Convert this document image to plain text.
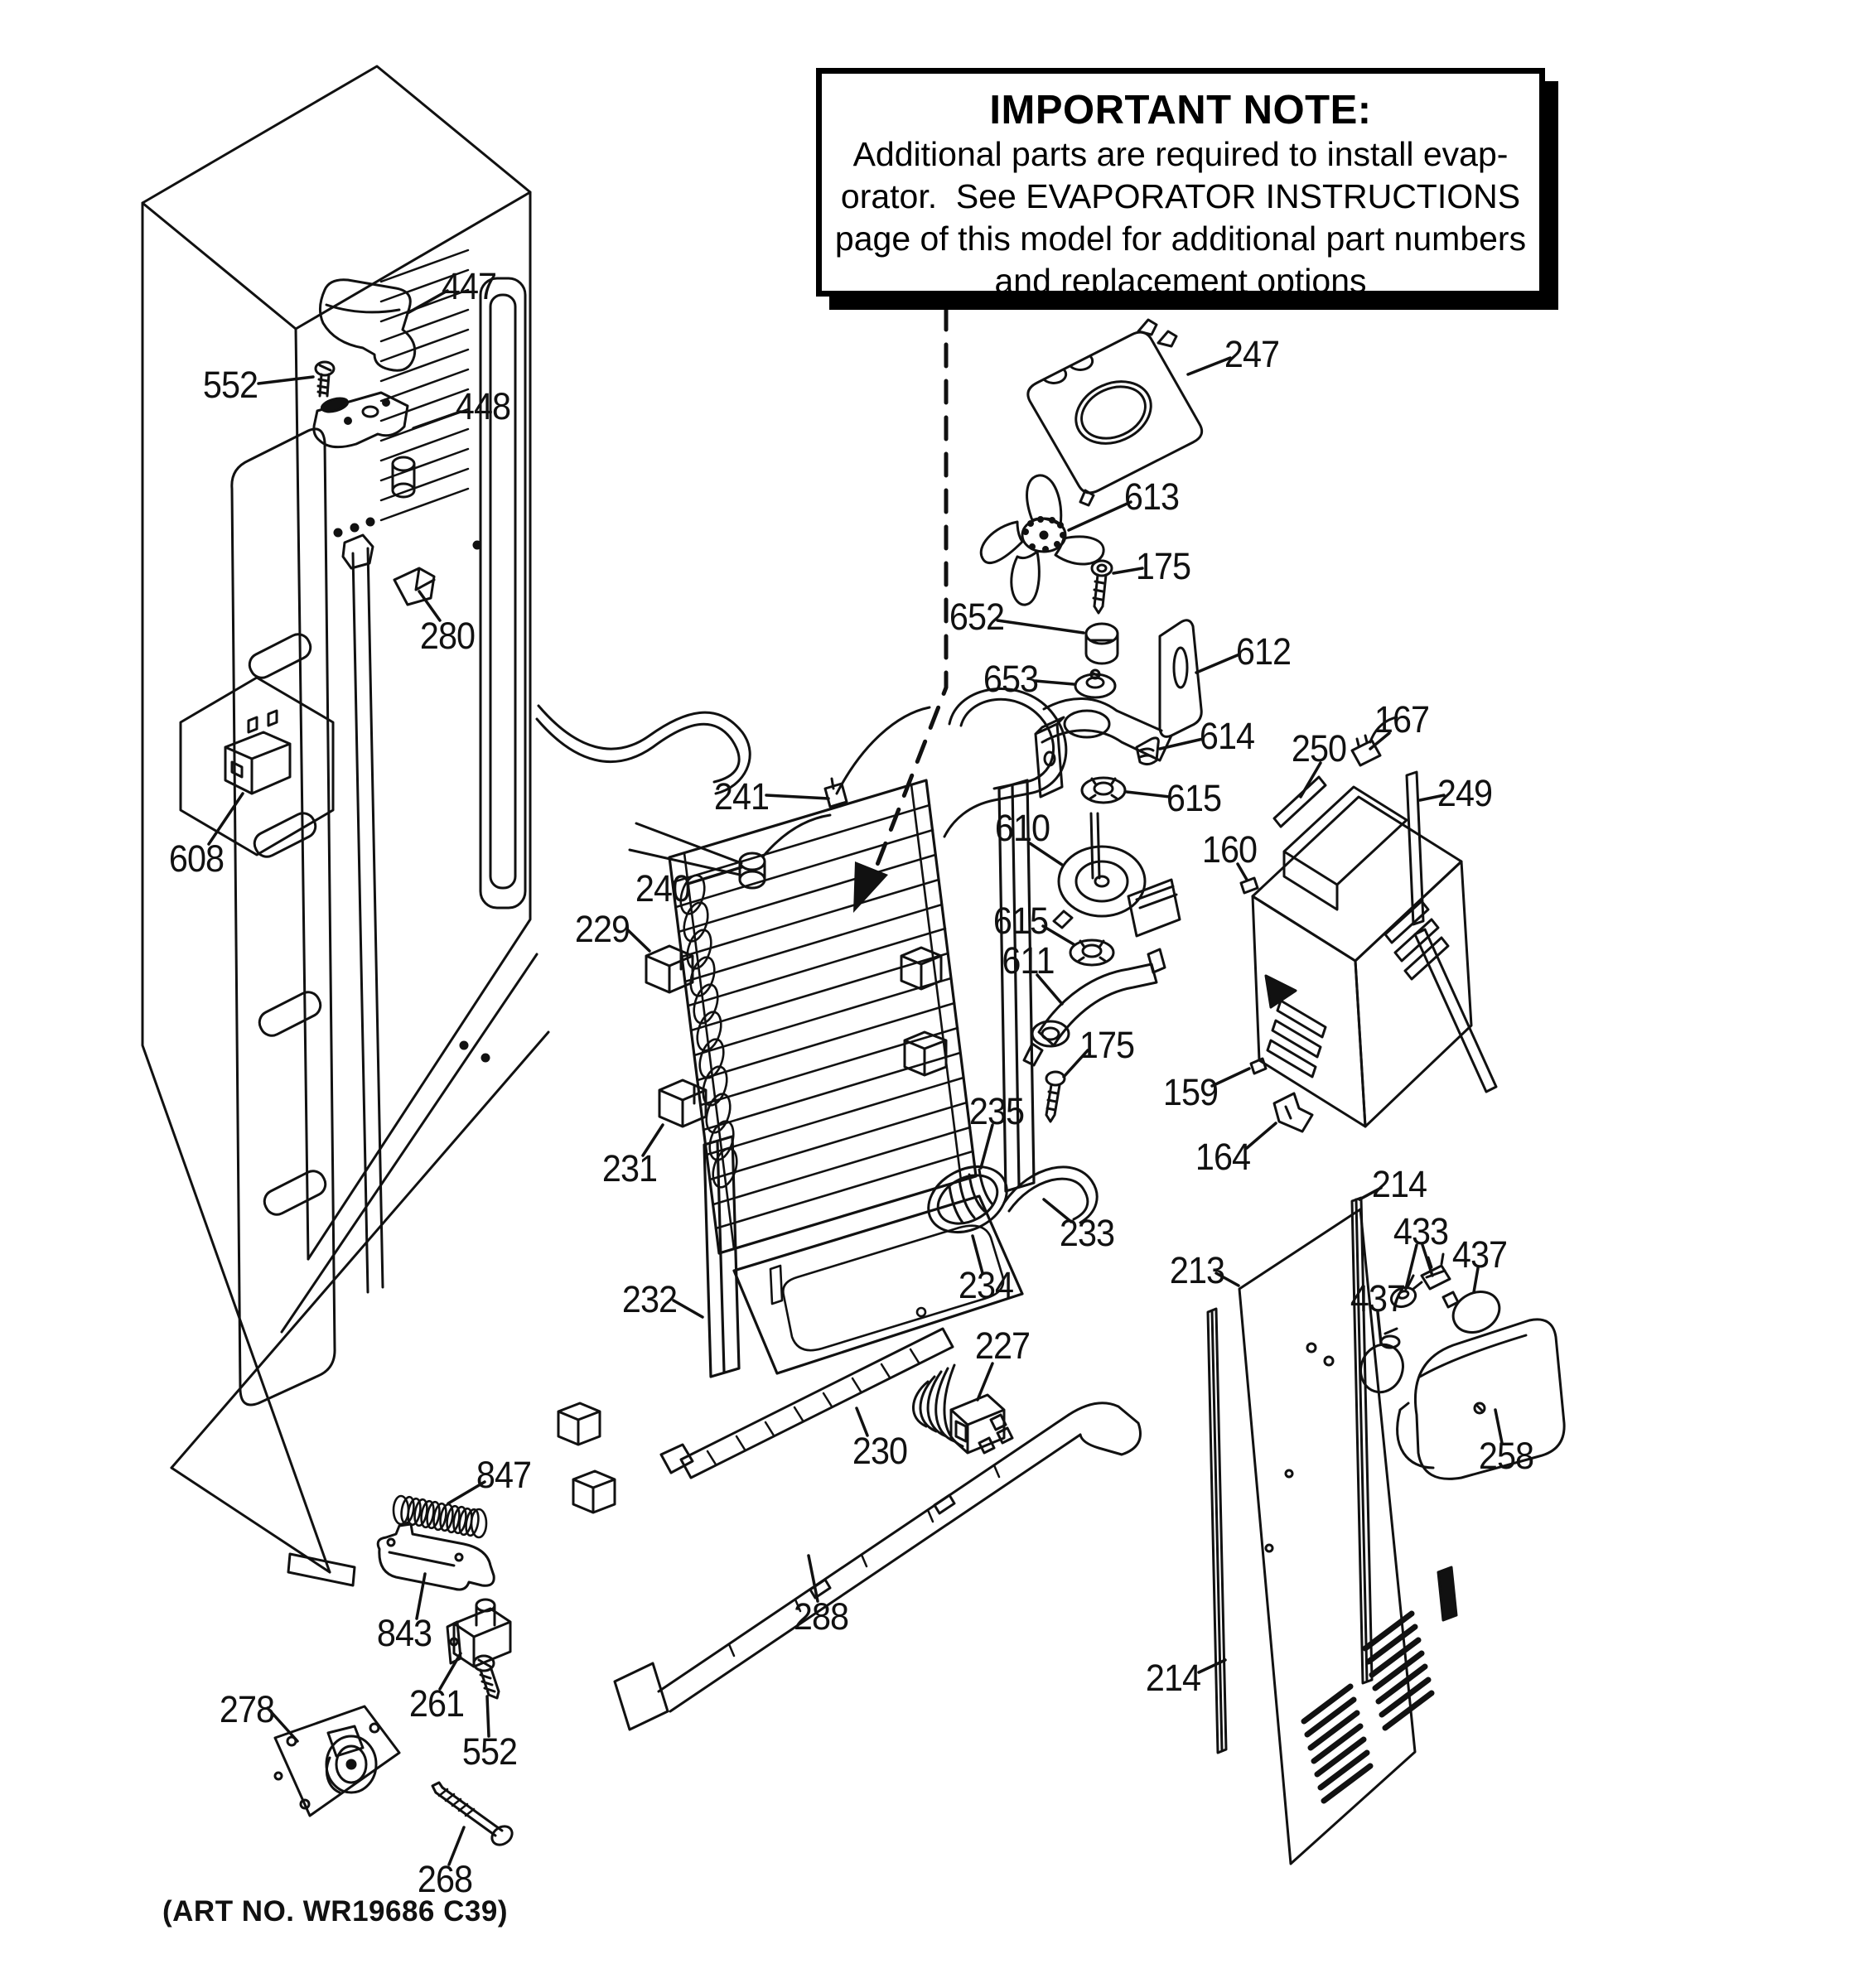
IMPORTANT NOTE:
Additional parts are required to install evap-
orator.  See EVAPORATOR INSTRUCTIONS
page of this model for additional part numbers
and replacement options
447
552
448
280
608
241
240
229
231
232
235
233
234
230
227
288
847
843
261
552
278
268
247
613
175
652
653
612
614
615
610
160
250
167
249
615
611
175
159
164
213
214
433
437
437
258
214
(ART NO. WR19686 C39)
